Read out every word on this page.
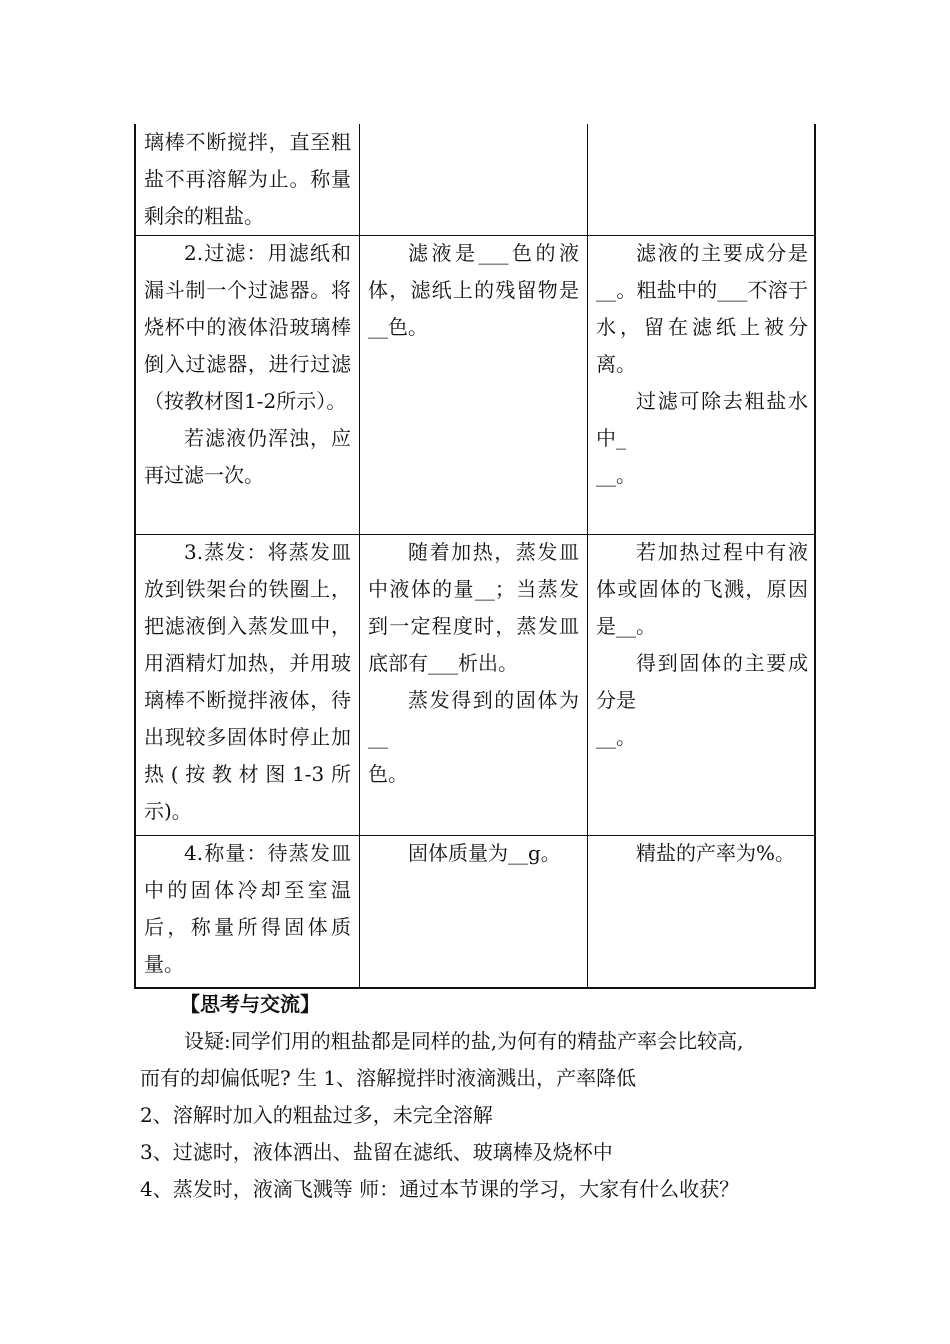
璃棒不断搅拌，直至粗盐不再溶解为止。称量剩余的粗盐。

2.过滤：用滤纸和漏斗制一个过滤器。将烧杯中的液体沿玻璃棒倒入过滤器，进行过滤（按教材图1-2所示）。

若滤液仍浑浊，应再过滤一次。

滤液是___色的液体，滤纸上的残留物是__色。

滤液的主要成分是__。粗盐中的___不溶于水，留在滤纸上被分离。

过滤可除去粗盐水中_

__。

3.蒸发：将蒸发皿放到铁架台的铁圈上，把滤液倒入蒸发皿中，用酒精灯加热，并用玻璃棒不断搅拌液体，待出现较多固体时停止加热(按教材图1-3所示)。

随着加热，蒸发皿中液体的量__；当蒸发到一定程度时，蒸发皿底部有___析出。

蒸发得到的固体为__

色。

若加热过程中有液体或固体的飞溅，原因是__。

得到固体的主要成分是

__。

4.称量：待蒸发皿中的固体冷却至室温后，称量所得固体质量。

固体质量为__g。	精盐的产率为%。

【思考与交流】

设疑:同学们用的粗盐都是同样的盐,为何有的精盐产率会比较高,

而有的却偏低呢? 生 1、溶解搅拌时液滴溅出，产率降低

2、溶解时加入的粗盐过多，未完全溶解

3、过滤时，液体洒出、盐留在滤纸、玻璃棒及烧杯中

4、蒸发时，液滴飞溅等 师：通过本节课的学习，大家有什么收获？
